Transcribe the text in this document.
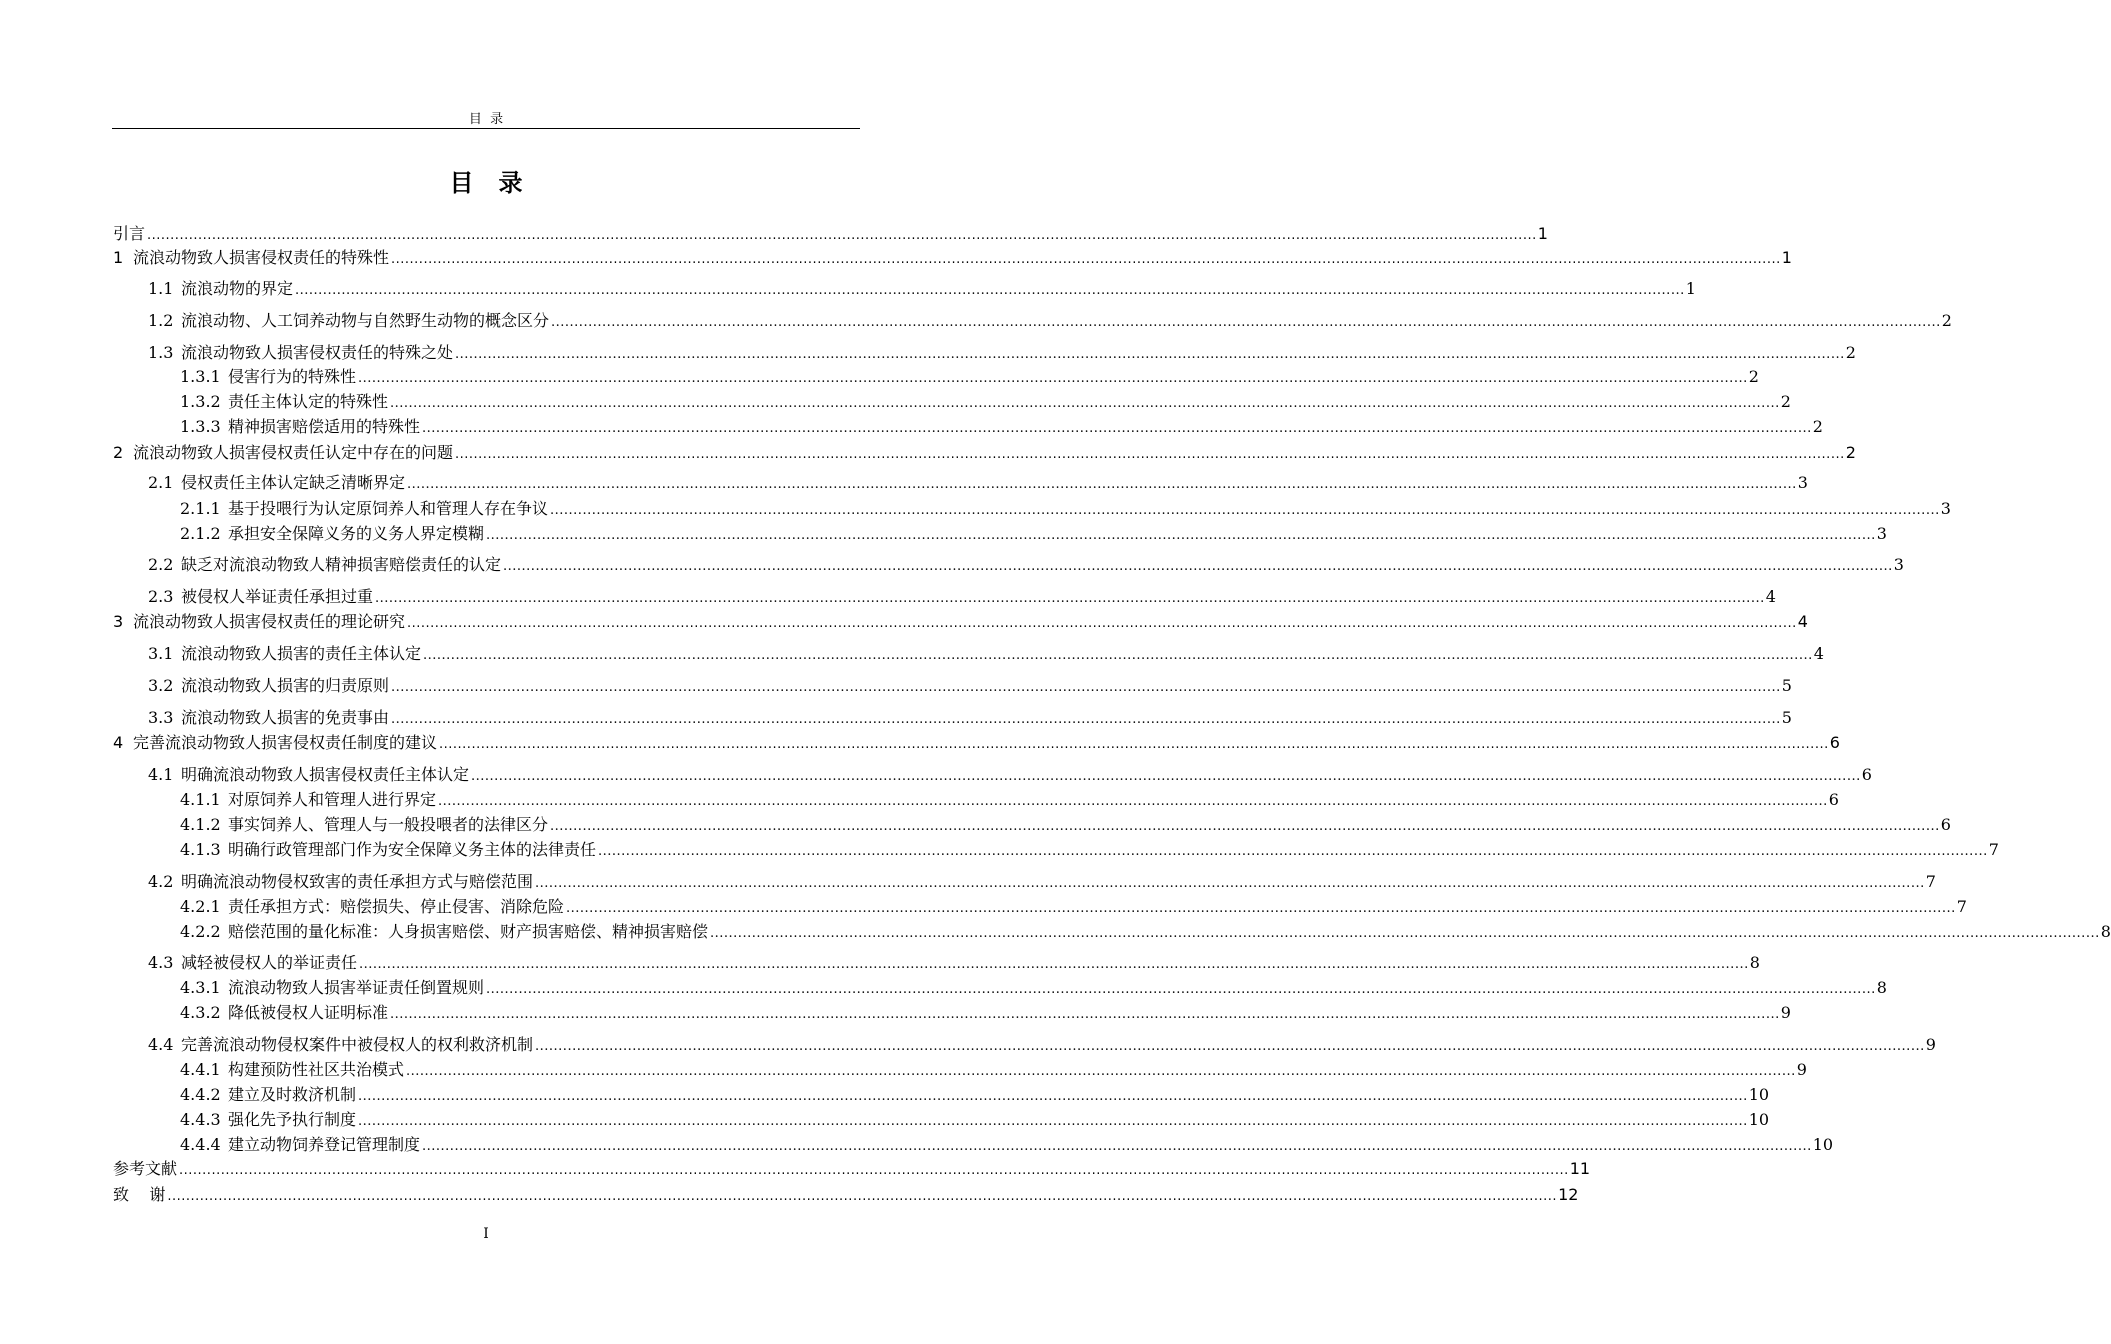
目  录
目   录
引言 ............................................................................................................................................................................................................................................................................................................ 1
1 流浪动物致人损害侵权责任的特殊性 ............................................................................................................................................................................................................................................................................................................ 1
1.1 流浪动物的界定 ............................................................................................................................................................................................................................................................................................................ 1
1.2 流浪动物、人工饲养动物与自然野生动物的概念区分 ............................................................................................................................................................................................................................................................................................................ 2
1.3 流浪动物致人损害侵权责任的特殊之处 ............................................................................................................................................................................................................................................................................................................ 2
1.3.1 侵害行为的特殊性 ............................................................................................................................................................................................................................................................................................................ 2
1.3.2 责任主体认定的特殊性 ............................................................................................................................................................................................................................................................................................................ 2
1.3.3 精神损害赔偿适用的特殊性 ............................................................................................................................................................................................................................................................................................................ 2
2 流浪动物致人损害侵权责任认定中存在的问题 ............................................................................................................................................................................................................................................................................................................ 2
2.1 侵权责任主体认定缺乏清晰界定 ............................................................................................................................................................................................................................................................................................................ 3
2.1.1 基于投喂行为认定原饲养人和管理人存在争议 ............................................................................................................................................................................................................................................................................................................ 3
2.1.2 承担安全保障义务的义务人界定模糊 ............................................................................................................................................................................................................................................................................................................ 3
2.2 缺乏对流浪动物致人精神损害赔偿责任的认定 ............................................................................................................................................................................................................................................................................................................ 3
2.3 被侵权人举证责任承担过重 ............................................................................................................................................................................................................................................................................................................ 4
3 流浪动物致人损害侵权责任的理论研究 ............................................................................................................................................................................................................................................................................................................ 4
3.1 流浪动物致人损害的责任主体认定 ............................................................................................................................................................................................................................................................................................................ 4
3.2 流浪动物致人损害的归责原则 ............................................................................................................................................................................................................................................................................................................ 5
3.3 流浪动物致人损害的免责事由 ............................................................................................................................................................................................................................................................................................................ 5
4 完善流浪动物致人损害侵权责任制度的建议 ............................................................................................................................................................................................................................................................................................................ 6
4.1 明确流浪动物致人损害侵权责任主体认定 ............................................................................................................................................................................................................................................................................................................ 6
4.1.1 对原饲养人和管理人进行界定 ............................................................................................................................................................................................................................................................................................................ 6
4.1.2 事实饲养人、管理人与一般投喂者的法律区分 ............................................................................................................................................................................................................................................................................................................ 6
4.1.3 明确行政管理部门作为安全保障义务主体的法律责任 ............................................................................................................................................................................................................................................................................................................ 7
4.2 明确流浪动物侵权致害的责任承担方式与赔偿范围 ............................................................................................................................................................................................................................................................................................................ 7
4.2.1 责任承担方式：赔偿损失、停止侵害、消除危险 ............................................................................................................................................................................................................................................................................................................ 7
4.2.2 赔偿范围的量化标准：人身损害赔偿、财产损害赔偿、精神损害赔偿 ............................................................................................................................................................................................................................................................................................................ 8
4.3 减轻被侵权人的举证责任 ............................................................................................................................................................................................................................................................................................................ 8
4.3.1 流浪动物致人损害举证责任倒置规则 ............................................................................................................................................................................................................................................................................................................ 8
4.3.2 降低被侵权人证明标准 ............................................................................................................................................................................................................................................................................................................ 9
4.4 完善流浪动物侵权案件中被侵权人的权利救济机制 ............................................................................................................................................................................................................................................................................................................ 9
4.4.1 构建预防性社区共治模式 ............................................................................................................................................................................................................................................................................................................ 9
4.4.2 建立及时救济机制 ............................................................................................................................................................................................................................................................................................................ 10
4.4.3 强化先予执行制度 ............................................................................................................................................................................................................................................................................................................ 10
4.4.4 建立动物饲养登记管理制度 ............................................................................................................................................................................................................................................................................................................ 10
参考文献 ............................................................................................................................................................................................................................................................................................................ 11
致    谢 ............................................................................................................................................................................................................................................................................................................ 12
I
